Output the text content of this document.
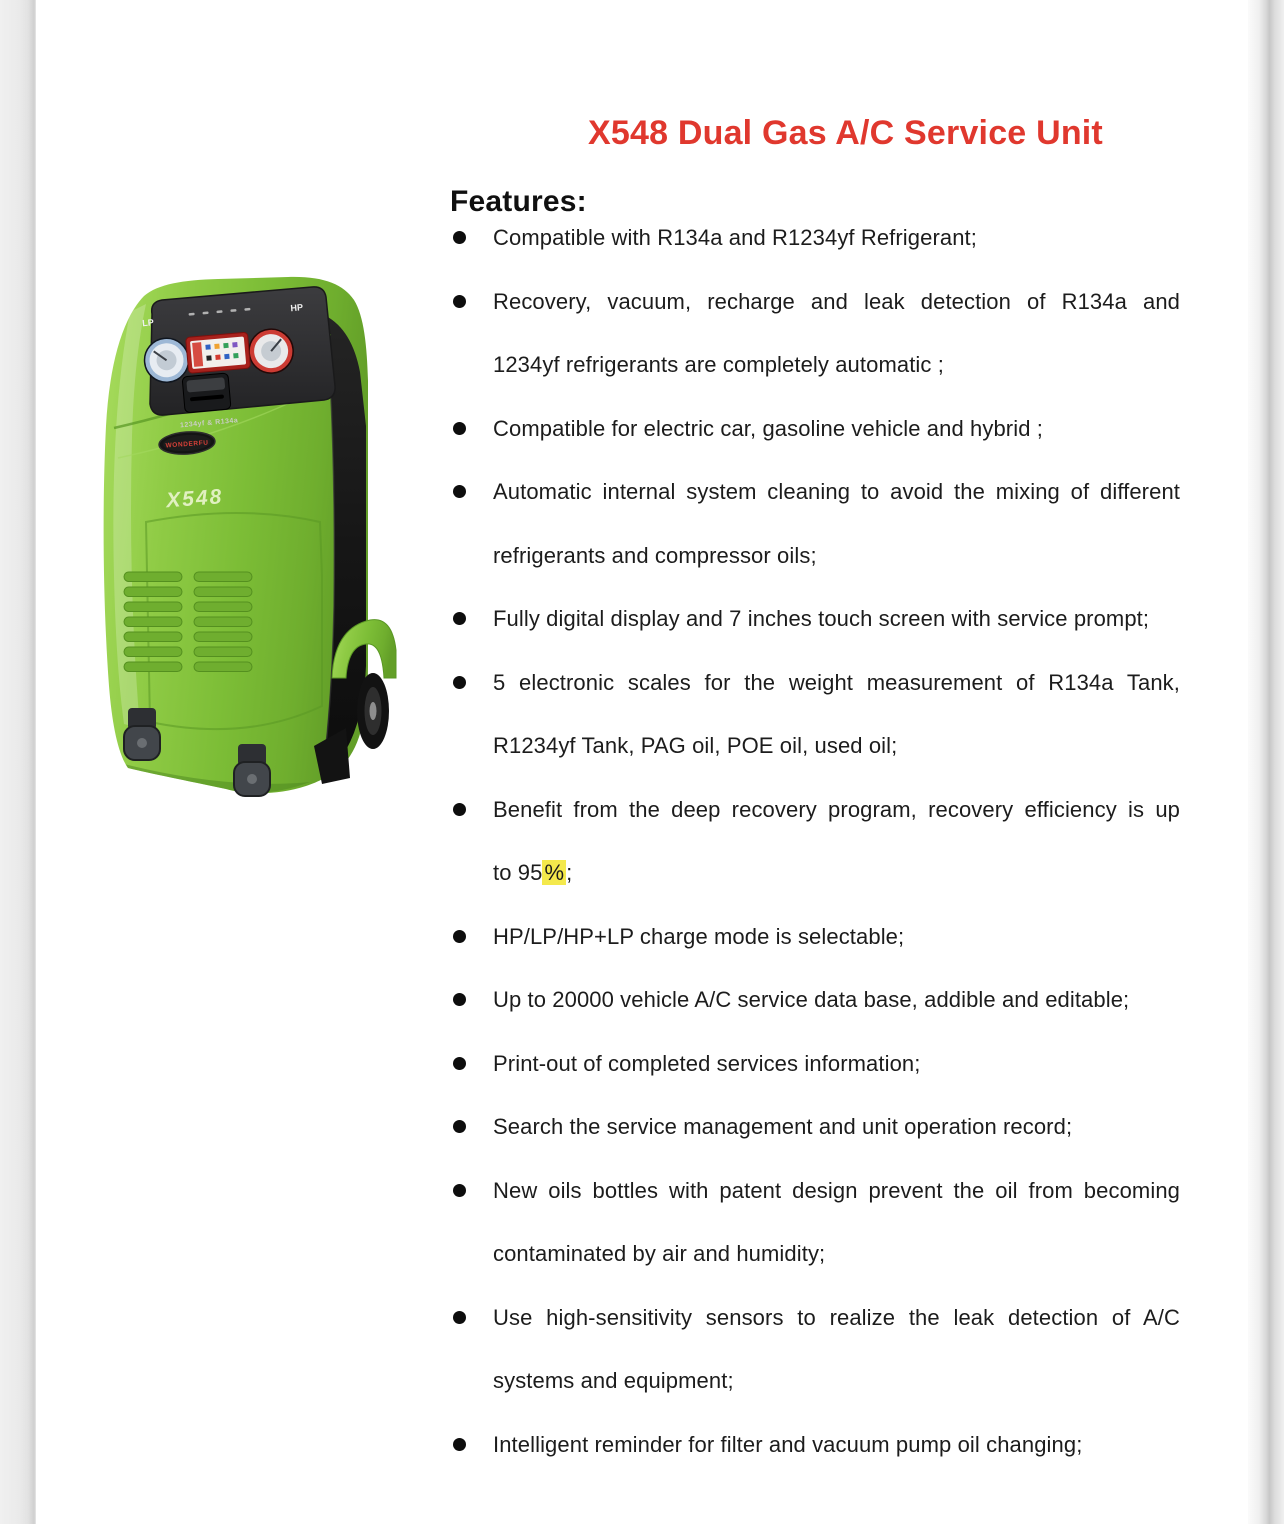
X548 Dual Gas A/C Service Unit
Features:
Compatible with R134a and R1234yf Refrigerant;
Recovery, vacuum, recharge and leak detection of R134a and
1234yf refrigerants are completely automatic ;
Compatible for electric car, gasoline vehicle and hybrid ;
Automatic internal system cleaning to avoid the mixing of different
refrigerants and compressor oils;
Fully digital display and 7 inches touch screen with service prompt;
5 electronic scales for the weight measurement of R134a Tank,
R1234yf Tank, PAG oil, POE oil, used oil;
Benefit from the deep recovery program, recovery efficiency is up
to 95%;
HP/LP/HP+LP charge mode is selectable;
Up to 20000 vehicle A/C service data base, addible and editable;
Print-out of completed services information;
Search the service management and unit operation record;
New oils bottles with patent design prevent the oil from becoming
contaminated by air and humidity;
Use high-sensitivity sensors to realize the leak detection of A/C
systems and equipment;
Intelligent reminder for filter and vacuum pump oil changing;
LP
HP
1234yf & R134a
WONDERFU
X548
